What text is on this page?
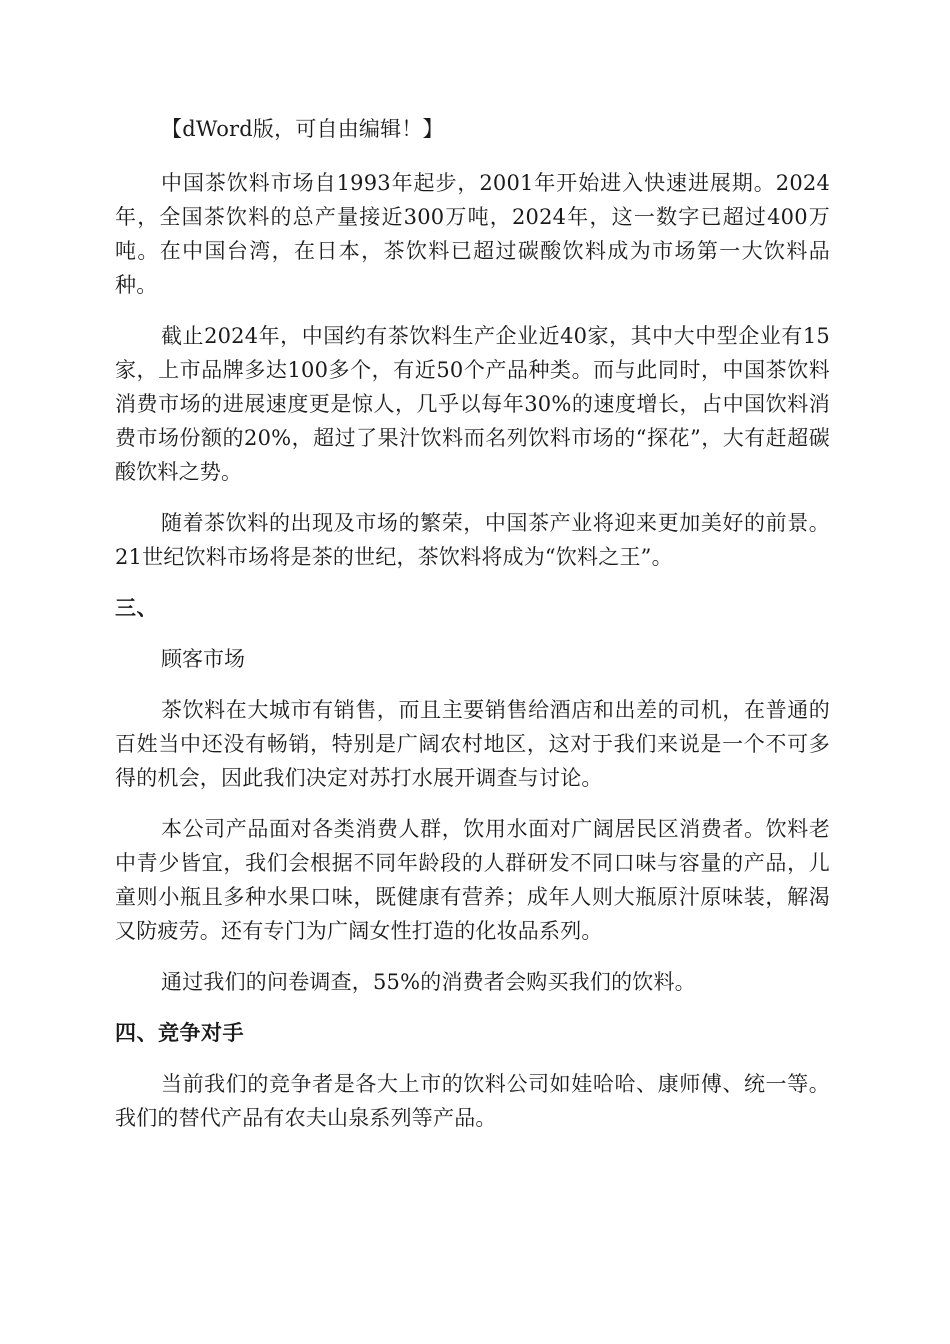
【dWord版，可自由编辑！】

中国茶饮料市场自1993年起步，2001年开始进入快速进展期。2024年，全国茶饮料的总产量接近300万吨，2024年，这一数字已超过400万吨。在中国台湾，在日本，茶饮料已超过碳酸饮料成为市场第一大饮料品种。

截止2024年，中国约有茶饮料生产企业近40家，其中大中型企业有15家，上市品牌多达100多个，有近50个产品种类。而与此同时，中国茶饮料消费市场的进展速度更是惊人，几乎以每年30%的速度增长，占中国饮料消费市场份额的20%，超过了果汁饮料而名列饮料市场的“探花”，大有赶超碳酸饮料之势。

随着茶饮料的出现及市场的繁荣，中国茶产业将迎来更加美好的前景。21世纪饮料市场将是茶的世纪，茶饮料将成为“饮料之王”。

三、

顾客市场

茶饮料在大城市有销售，而且主要销售给酒店和出差的司机，在普通的百姓当中还没有畅销，特别是广阔农村地区，这对于我们来说是一个不可多得的机会，因此我们决定对苏打水展开调查与讨论。

本公司产品面对各类消费人群，饮用水面对广阔居民区消费者。饮料老中青少皆宜，我们会根据不同年龄段的人群研发不同口味与容量的产品，儿童则小瓶且多种水果口味，既健康有营养；成年人则大瓶原汁原味装，解渴又防疲劳。还有专门为广阔女性打造的化妆品系列。

通过我们的问卷调查，55%的消费者会购买我们的饮料。

四、竞争对手

当前我们的竞争者是各大上市的饮料公司如娃哈哈、康师傅、统一等。我们的替代产品有农夫山泉系列等产品。
